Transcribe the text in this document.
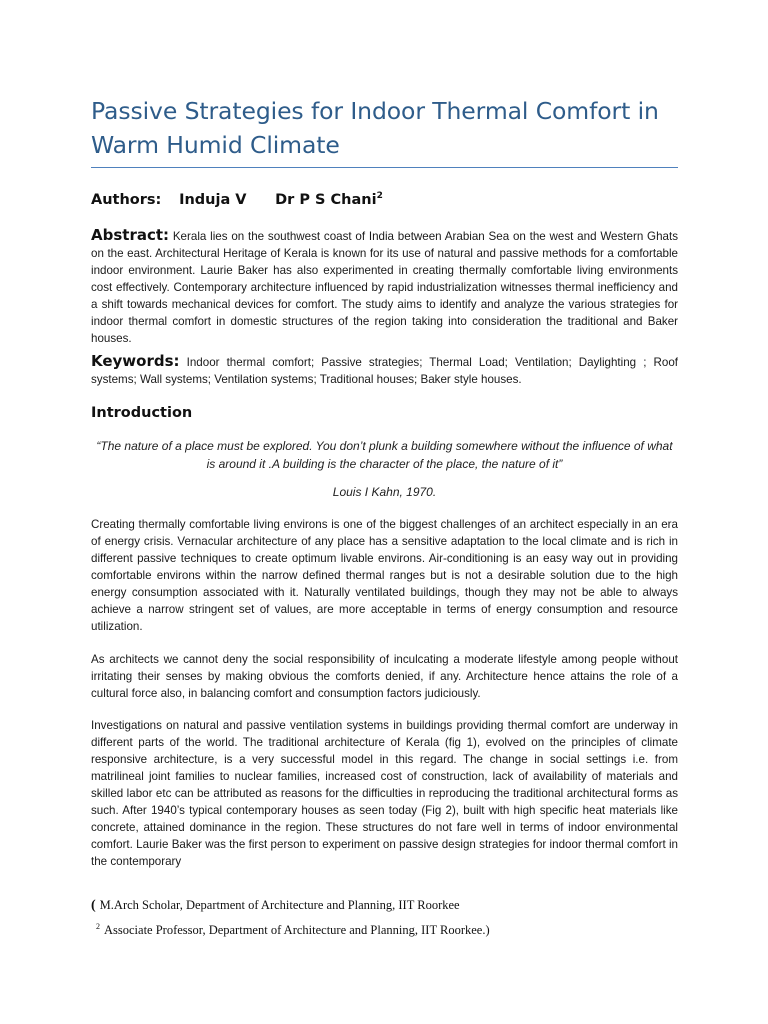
Passive Strategies for Indoor Thermal Comfort in Warm Humid Climate
Authors: Induja V Dr P S Chani$^2$

Abstract: Kerala lies on the southwest coast of India between Arabian Sea on the west and Western Ghats on the east. Architectural Heritage of Kerala is known for its use of natural and passive methods for a comfortable indoor environment. Laurie Baker has also experimented in creating thermally comfortable living environments cost effectively. Contemporary architecture influenced by rapid industrialization witnesses thermal inefficiency and a shift towards mechanical devices for comfort. The study aims to identify and analyze the various strategies for indoor thermal comfort in domestic structures of the region taking into consideration the traditional and Baker houses.

Keywords: Indoor thermal comfort; Passive strategies; Thermal Load; Ventilation; Daylighting ; Roof systems; Wall systems; Ventilation systems; Traditional houses; Baker style houses.

Introduction

“The nature of a place must be explored. You don’t plunk a building somewhere without the influence of what is around it .A building is the character of the place, the nature of it”

Louis I Kahn, 1970.

Creating thermally comfortable living environs is one of the biggest challenges of an architect especially in an era of energy crisis. Vernacular architecture of any place has a sensitive adaptation to the local climate and is rich in different passive techniques to create optimum livable environs. Air-conditioning is an easy way out in providing comfortable environs within the narrow defined thermal ranges but is not a desirable solution due to the high energy consumption associated with it. Naturally ventilated buildings, though they may not be able to always achieve a narrow stringent set of values, are more acceptable in terms of energy consumption and resource utilization.

As architects we cannot deny the social responsibility of inculcating a moderate lifestyle among people without irritating their senses by making obvious the comforts denied, if any. Architecture hence attains the role of a cultural force also, in balancing comfort and consumption factors judiciously.

Investigations on natural and passive ventilation systems in buildings providing thermal comfort are underway in different parts of the world. The traditional architecture of Kerala (fig 1), evolved on the principles of climate responsive architecture, is a very successful model in this regard. The change in social settings i.e. from matrilineal joint families to nuclear families, increased cost of construction, lack of availability of materials and skilled labor etc can be attributed as reasons for the difficulties in reproducing the traditional architectural forms as such. After 1940’s typical contemporary houses as seen today (Fig 2), built with high specific heat materials like concrete, attained dominance in the region. These structures do not fare well in terms of indoor environmental comfort. Laurie Baker was the first person to experiment on passive design strategies for indoor thermal comfort in the contemporary

( M.Arch Scholar, Department of Architecture and Planning, IIT Roorkee
$^2$ Associate Professor, Department of Architecture and Planning, IIT Roorkee.)
